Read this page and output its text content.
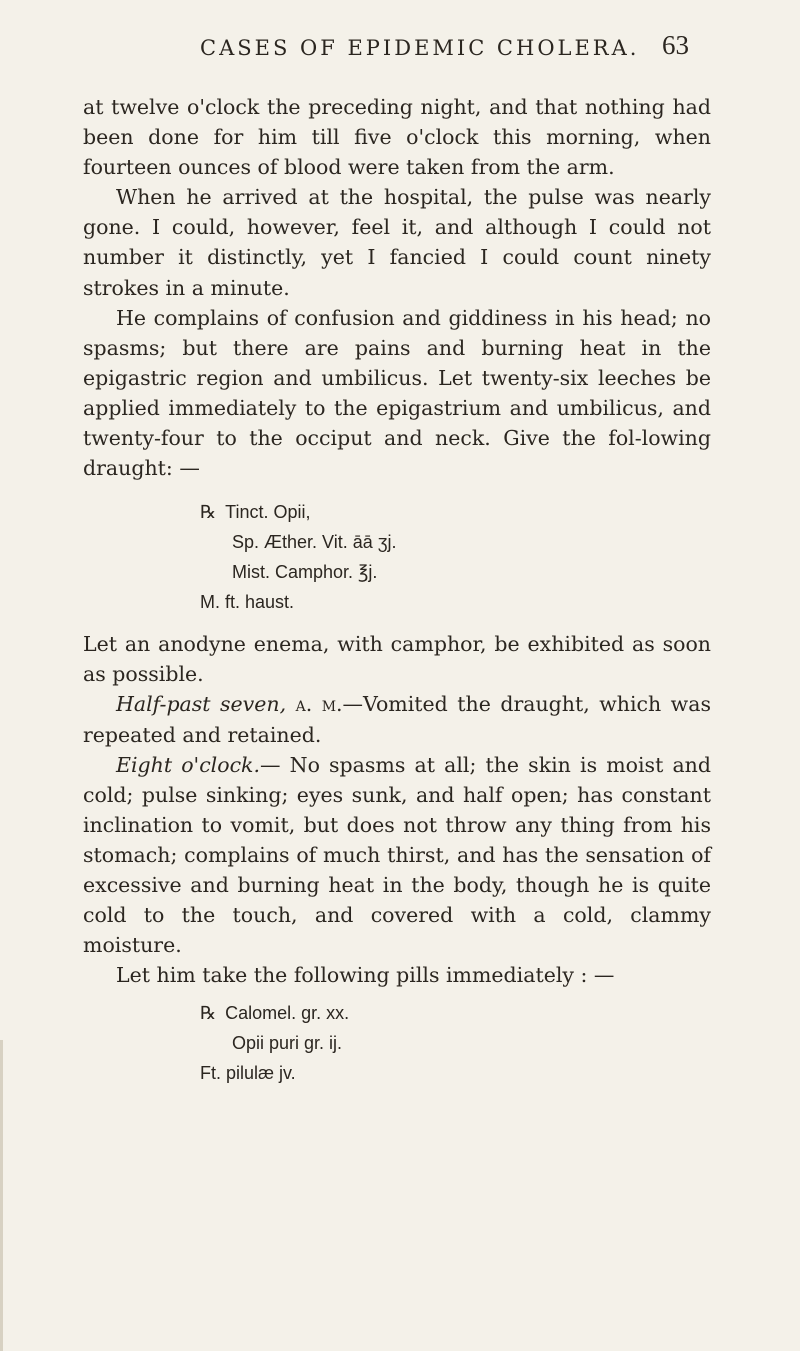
CASES OF EPIDEMIC CHOLERA. 63

at twelve o'clock the preceding night, and that nothing had been done for him till five o'clock this morning, when fourteen ounces of blood were taken from the arm.

When he arrived at the hospital, the pulse was nearly gone. I could, however, feel it, and although I could not number it distinctly, yet I fancied I could count ninety strokes in a minute.

He complains of confusion and giddiness in his head; no spasms; but there are pains and burning heat in the epigastric region and umbilicus. Let twenty-six leeches be applied immediately to the epigastrium and umbilicus, and twenty-four to the occiput and neck. Give the fol-lowing draught: —

℞ Tinct. Opii,
Sp. Æther. Vit. āā ʒj.
Mist. Camphor. ℥j.
M. ft. haust.

Let an anodyne enema, with camphor, be exhibited as soon as possible.

Half-past seven, a. m.—Vomited the draught, which was repeated and retained.

Eight o'clock.— No spasms at all; the skin is moist and cold; pulse sinking; eyes sunk, and half open; has constant inclination to vomit, but does not throw any thing from his stomach; complains of much thirst, and has the sensation of excessive and burning heat in the body, though he is quite cold to the touch, and covered with a cold, clammy moisture.

Let him take the following pills immediately : —

℞ Calomel. gr. xx.
Opii puri gr. ij.
Ft. pilulæ jv.
